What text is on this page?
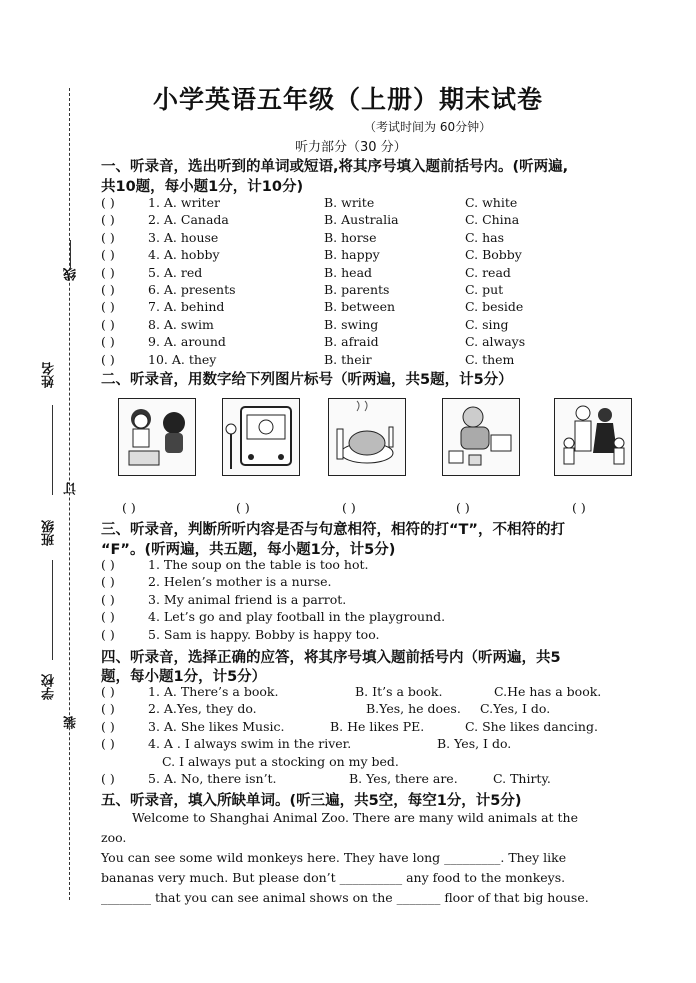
线
姓名
订
班级
学校
装
小学英语五年级（上册）期末试卷
（考试时间为 60分钟）
听力部分（30 分）
一、听录音，选出听到的单词或短语,将其序号填入题前括号内。(听两遍,
共10题，每小题1分，计10分)
( )	1. A. writer	B. write	C. white
( )	2. A. Canada	B. Australia	C. China
( )	3. A. house	B. horse	C. has
( )	4. A. hobby	B. happy	C. Bobby
( )	5. A. red	B. head	C. read
( )	6. A. presents	B. parents	C. put
( )	7. A. behind	B. between	C. beside
( )	8. A. swim	B. swing	C. sing
( )	9. A. around	B. afraid	C. always
( )	10. A. they	B. their	C. them
二、听录音，用数字给下列图片标号（听两遍，共5题，计5分）
( )	( )	( )	( )	( )
三、听录音，判断所听内容是否与句意相符，相符的打“T”，不相符的打
“F”。(听两遍，共五题，每小题1分，计5分)
( )	1. The soup on the table is too hot.
( )	2. Helen’s mother is a nurse.
( )	3. My animal friend is a parrot.
( )	4. Let’s go and play football in the playground.
( )	5. Sam is happy. Bobby is happy too.
四、听录音，选择正确的应答，将其序号填入题前括号内（听两遍，共5
题，每小题1分，计5分）
( )	1. A. There’s a book.	B. It’s a book.	C.He has a book.
( )	2. A.Yes, they do.	B.Yes, he does. C.Yes, I do.
( )	3. A. She likes Music.	B. He likes PE.	C. She likes dancing.
( )	4. A . I always swim in the river.	B. Yes, I do.
C. I always put a stocking on my bed.
( )	5. A. No, there isn’t.	B. Yes, there are.	C. Thirty.
五、听录音，填入所缺单词。(听三遍，共5空，每空1分，计5分)
Welcome to Shanghai Animal Zoo. There are many wild animals at the
zoo.
You can see some wild monkeys here. They have long _________. They like
bananas very much. But please don’t __________ any food to the monkeys.
________ that you can see animal shows on the _______ floor of that big house.
